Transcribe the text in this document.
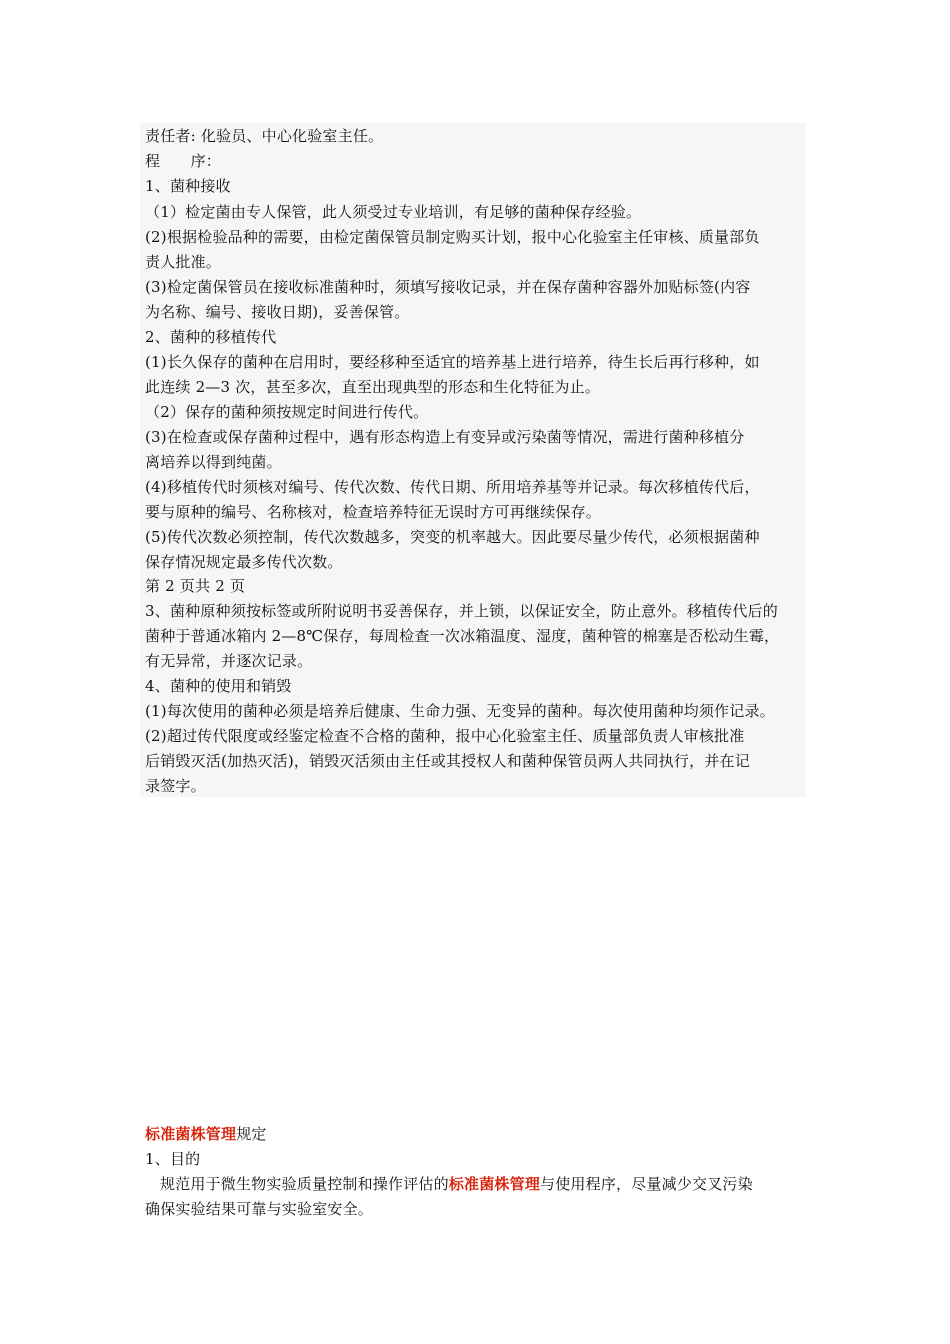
责任者: 化验员、中心化验室主任。
程　　序：
1、菌种接收
（1）检定菌由专人保管，此人须受过专业培训，有足够的菌种保存经验。
(2)根据检验品种的需要，由检定菌保管员制定购买计划，报中心化验室主任审核、质量部负
责人批准。
(3)检定菌保管员在接收标准菌种时，须填写接收记录，并在保存菌种容器外加贴标签(内容
为名称、编号、接收日期)，妥善保管。
2、菌种的移植传代
(1)长久保存的菌种在启用时，要经移种至适宜的培养基上进行培养，待生长后再行移种，如
此连续 2—3 次，甚至多次，直至出现典型的形态和生化特征为止。
（2）保存的菌种须按规定时间进行传代。
(3)在检查或保存菌种过程中，遇有形态构造上有变异或污染菌等情况，需进行菌种移植分
离培养以得到纯菌。
(4)移植传代时须核对编号、传代次数、传代日期、所用培养基等并记录。每次移植传代后，
要与原种的编号、名称核对，检查培养特征无误时方可再继续保存。
(5)传代次数必须控制，传代次数越多，突变的机率越大。因此要尽量少传代，必须根据菌种
保存情况规定最多传代次数。
第 2 页共 2 页
3、菌种原种须按标签或所附说明书妥善保存，并上锁，以保证安全，防止意外。移植传代后的
菌种于普通冰箱内 2—8℃保存，每周检查一次冰箱温度、湿度，菌种管的棉塞是否松动生霉，
有无异常，并逐次记录。
4、菌种的使用和销毁
(1)每次使用的菌种必须是培养后健康、生命力强、无变异的菌种。每次使用菌种均须作记录。
(2)超过传代限度或经鉴定检查不合格的菌种，报中心化验室主任、质量部负责人审核批准
后销毁灭活(加热灭活)，销毁灭活须由主任或其授权人和菌种保管员两人共同执行，并在记
录签字。
标准菌株管理规定
1、目的
规范用于微生物实验质量控制和操作评估的标准菌株管理与使用程序，尽量减少交叉污染
确保实验结果可靠与实验室安全。
